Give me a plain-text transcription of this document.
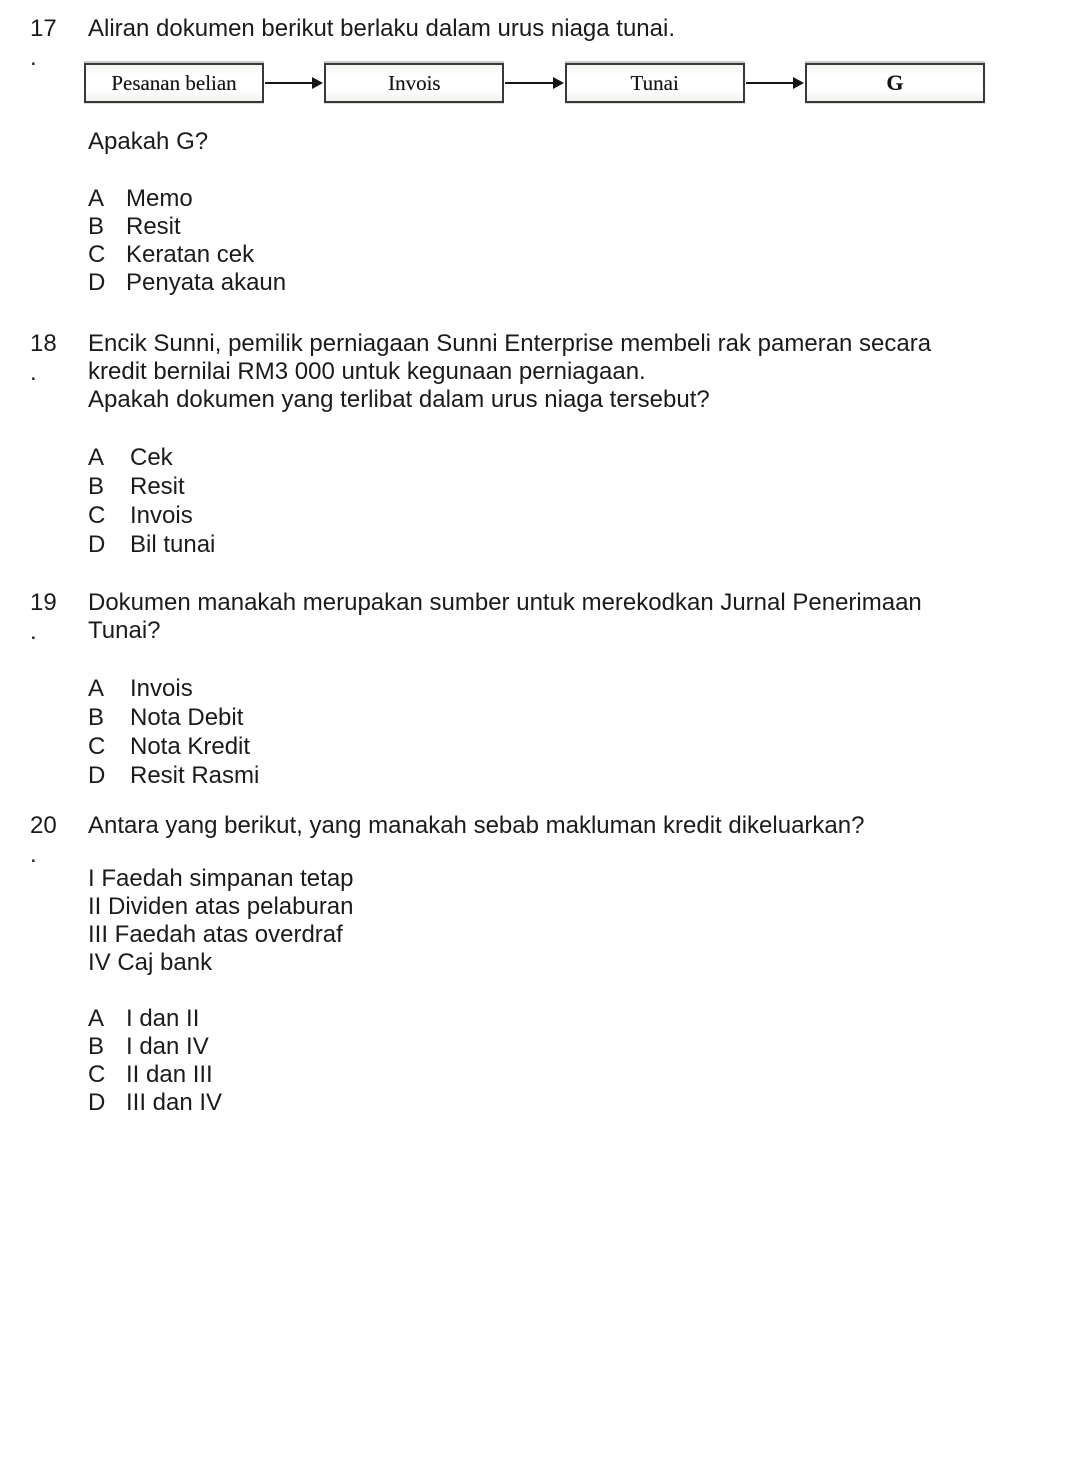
17
.
Aliran dokumen berikut berlaku dalam urus niaga tunai.
Pesanan belian	Invois	Tunai	G
Apakah G?
A Memo
B Resit
C Keratan cek
D Penyata akaun
18
.
Encik Sunni, pemilik perniagaan Sunni Enterprise membeli rak pameran secara
kredit bernilai RM3 000 untuk kegunaan perniagaan.
Apakah dokumen yang terlibat dalam urus niaga tersebut?
A	Cek
B	Resit
C	Invois
D	Bil tunai
19
.
Dokumen manakah merupakan sumber untuk merekodkan Jurnal Penerimaan
Tunai?
A	Invois
B	Nota Debit
C	Nota Kredit
D	Resit Rasmi
20
.
Antara yang berikut, yang manakah sebab makluman kredit dikeluarkan?
I Faedah simpanan tetap
II Dividen atas pelaburan
III Faedah atas overdraf
IV Caj bank
A I dan II
B I dan IV
C II dan III
D III dan IV
